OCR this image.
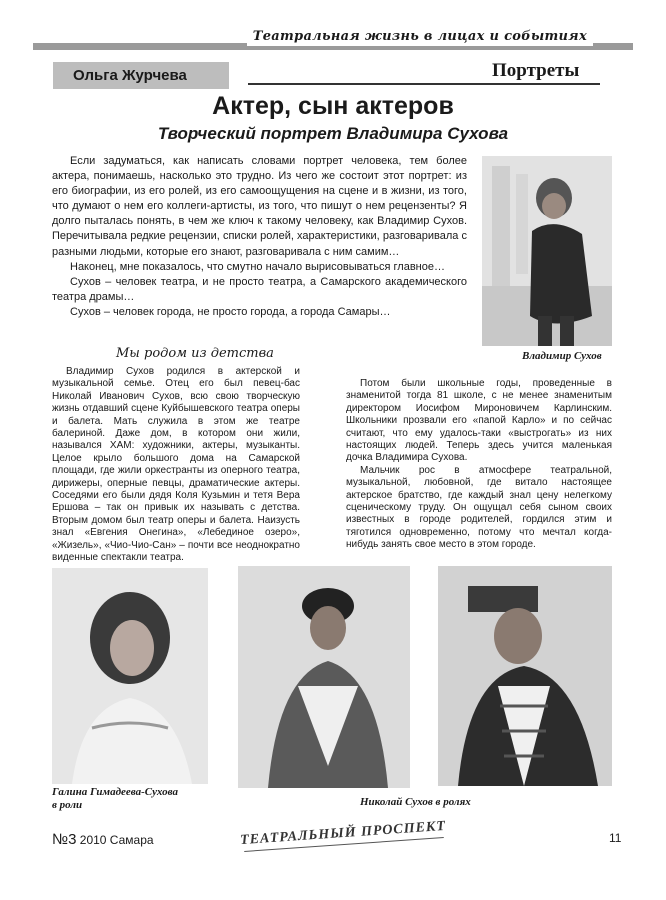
Театральная жизнь в лицах и событиях
Ольга Журчева	Портреты
Актер, сын актеров
Творческий портрет Владимира Сухова

Если задуматься, как написать словами портрет человека, тем более актера, понимаешь, насколько это трудно. Из чего же состоит этот портрет: из его биографии, из его ролей, из его самоощущения на сцене и в жизни, из того, что думают о нем его коллеги-артисты, из того, что пишут о нем рецензенты? Я долго пыталась понять, в чем же ключ к такому человеку, как Владимир Сухов. Перечитывала редкие рецензии, списки ролей, характеристики, разговаривала с разными людьми, которые его знают, разговаривала с ним самим…

Наконец, мне показалось, что смутно начало вырисовываться главное…

Сухов – человек театра, и не просто театра, а Самарского академического театра драмы…

Сухов – человек города, не просто города, а города Самары…

Владимир Сухов
Мы родом из детства

Владимир Сухов родился в актерской и музыкальной семье. Отец его был певец-бас Николай Иванович Сухов, всю свою творческую жизнь отдавший сцене Куйбышевского театра оперы и балета. Мать служила в этом же театре балериной. Даже дом, в котором они жили, назывался ХАМ: художники, актеры, музыканты. Целое крыло большого дома на Самарской площади, где жили оркестранты из оперного театра, дирижеры, оперные певцы, драматические актеры. Соседями его были дядя Коля Кузьмин и тетя Вера Ершова – так он привык их называть с детства. Вторым домом был театр оперы и балета. Наизусть знал «Евгения Онегина», «Лебединое озеро», «Жизель», «Чио-Чио-Сан» – почти все неоднократно виденные спектакли театра.

Потом были школьные годы, проведенные в знаменитой тогда 81 школе, с не менее знаменитым директором Иосифом Мироновичем Карлинским. Школьники прозвали его «папой Карло» и по сейчас считают, что ему удалось-таки «выстрогать» из них настоящих людей. Теперь здесь учится маленькая дочка Владимира Сухова.

Мальчик рос в атмосфере театральной, музыкальной, любовной, где витало настоящее актерское братство, где каждый знал цену нелегкому сценическому труду. Он ощущал себя сыном своих известных в городе родителей, гордился этим и тяготился одновременно, потому что мечтал когда-нибудь занять свое место в этом городе.

Галина Гимадеева-Сухова
в роли	Николай Сухов в ролях
№3 2010 Самара	ТЕАТРАЛЬНЫЙ ПРОСПЕКТ	11
